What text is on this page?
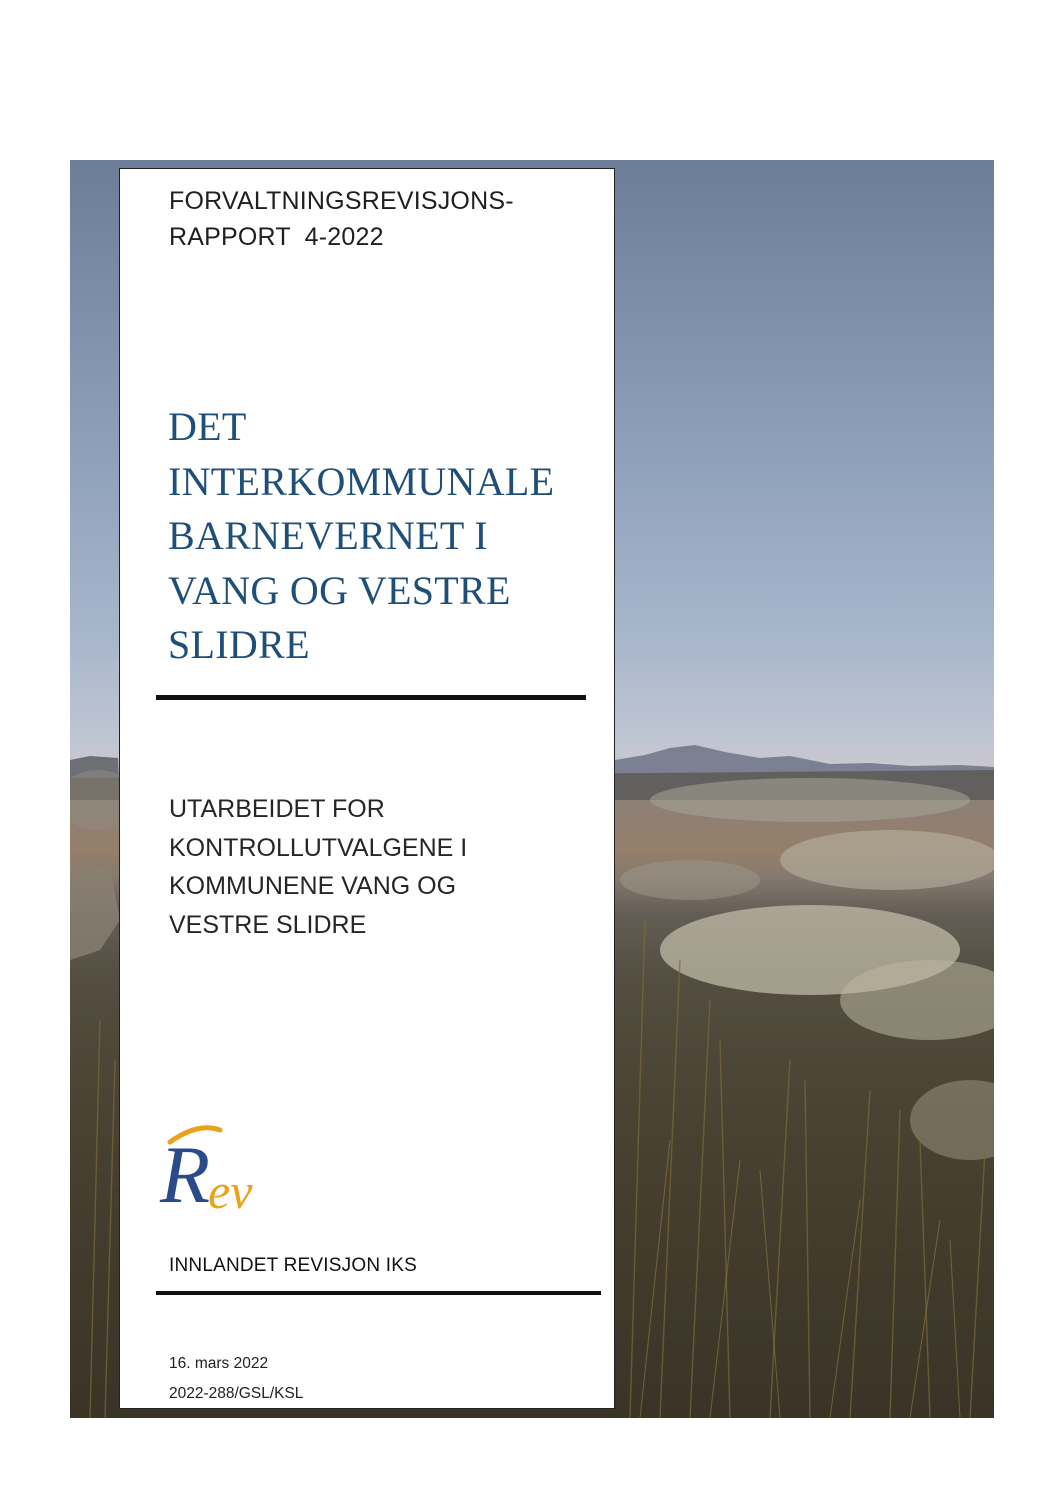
FORVALTNINGSREVISJONS-
RAPPORT  4-2022
DET
INTERKOMMUNALE
BARNEVERNET I
VANG OG VESTRE
SLIDRE
UTARBEIDET FOR
KONTROLLUTVALGENE I
KOMMUNENE VANG OG
VESTRE SLIDRE
R
ev
INNLANDET REVISJON IKS
16. mars 2022
2022-288/GSL/KSL
